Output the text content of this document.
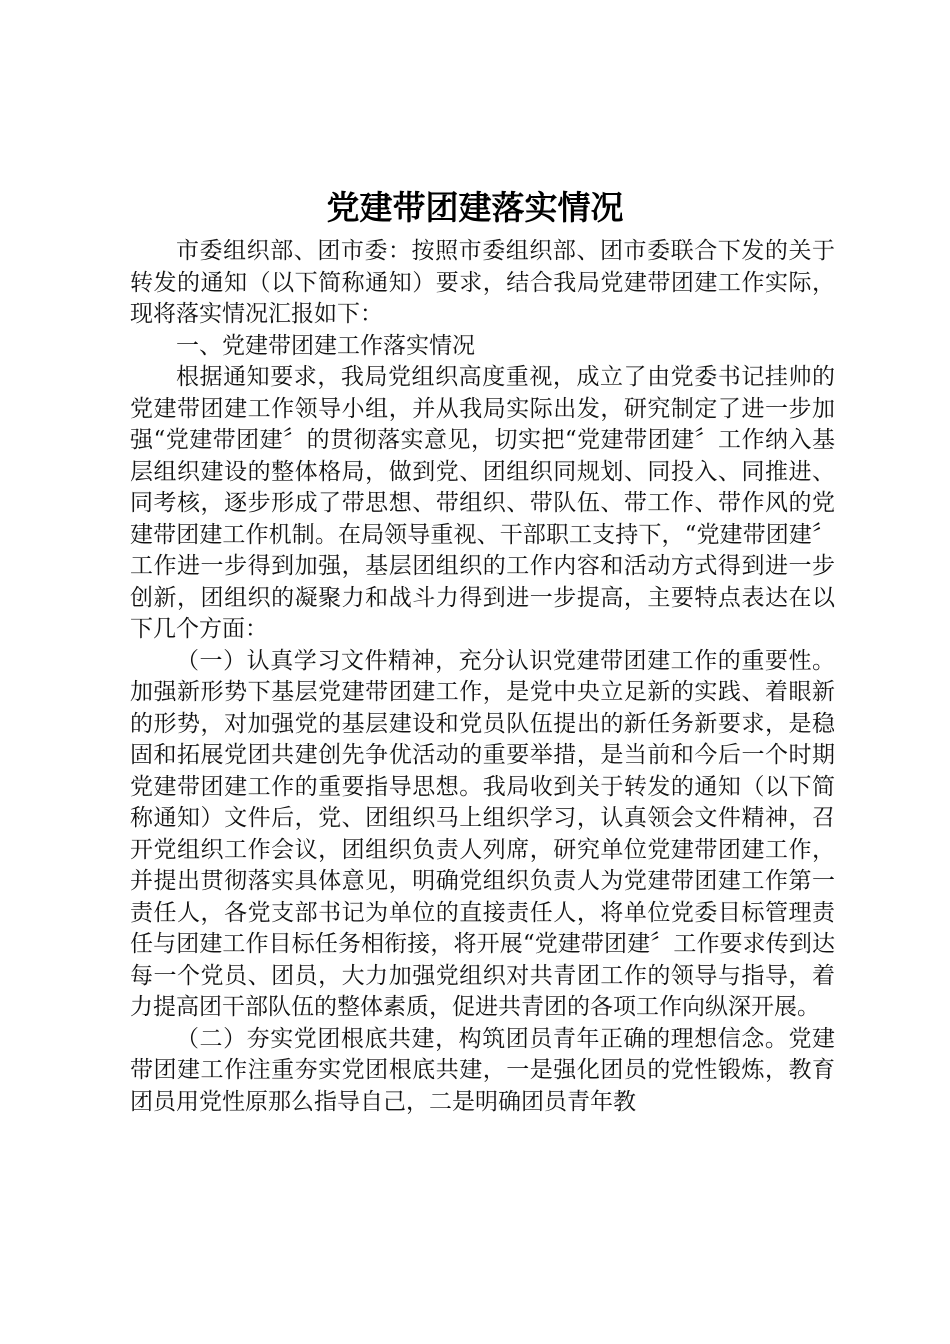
党建带团建落实情况

市委组织部、团市委：按照市委组织部、团市委联合下发的关于转发的通知（以下简称通知）要求，结合我局党建带团建工作实际，现将落实情况汇报如下：

一、党建带团建工作落实情况

根据通知要求，我局党组织高度重视，成立了由党委书记挂帅的党建带团建工作领导小组，并从我局实际出发，研究制定了进一步加强“党建带团建〞的贯彻落实意见，切实把“党建带团建〞工作纳入基层组织建设的整体格局，做到党、团组织同规划、同投入、同推进、同考核，逐步形成了带思想、带组织、带队伍、带工作、带作风的党建带团建工作机制。在局领导重视、干部职工支持下，“党建带团建〞工作进一步得到加强，基层团组织的工作内容和活动方式得到进一步创新，团组织的凝聚力和战斗力得到进一步提高，主要特点表达在以下几个方面：

（一）认真学习文件精神，充分认识党建带团建工作的重要性。加强新形势下基层党建带团建工作，是党中央立足新的实践、着眼新的形势，对加强党的基层建设和党员队伍提出的新任务新要求，是稳固和拓展党团共建创先争优活动的重要举措，是当前和今后一个时期党建带团建工作的重要指导思想。我局收到关于转发的通知（以下简称通知）文件后，党、团组织马上组织学习，认真领会文件精神，召开党组织工作会议，团组织负责人列席，研究单位党建带团建工作，并提出贯彻落实具体意见，明确党组织负责人为党建带团建工作第一责任人，各党支部书记为单位的直接责任人，将单位党委目标管理责任与团建工作目标任务相衔接，将开展“党建带团建〞工作要求传到达每一个党员、团员，大力加强党组织对共青团工作的领导与指导，着力提高团干部队伍的整体素质，促进共青团的各项工作向纵深开展。

（二）夯实党团根底共建，构筑团员青年正确的理想信念。党建带团建工作注重夯实党团根底共建，一是强化团员的党性锻炼，教育团员用党性原那么指导自己，二是明确团员青年教
